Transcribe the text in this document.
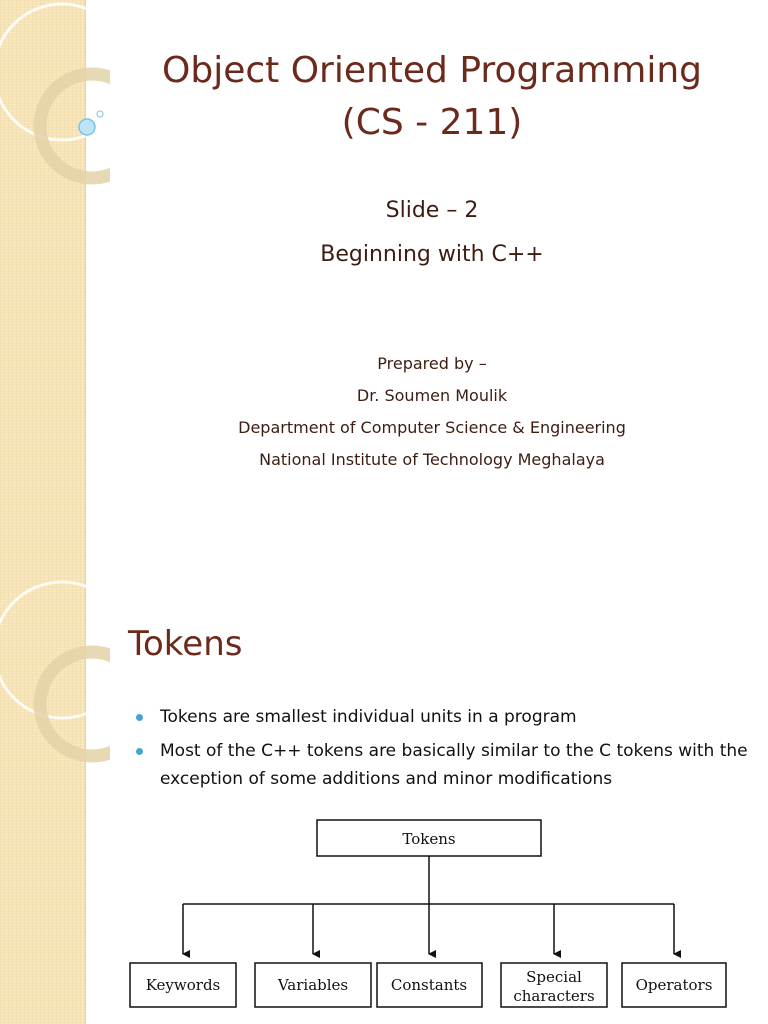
Object Oriented Programming
(CS - 211)
Slide – 2
Beginning with C++
Prepared by –
Dr. Soumen Moulik
Department of Computer Science & Engineering
National Institute of Technology Meghalaya
Tokens
Tokens are smallest individual units in a program
Most of the C++ tokens are basically similar to the C tokens with the exception of some additions and minor modifications
Tokens
Keywords	Variables	Constants	Special
characters
Operators
